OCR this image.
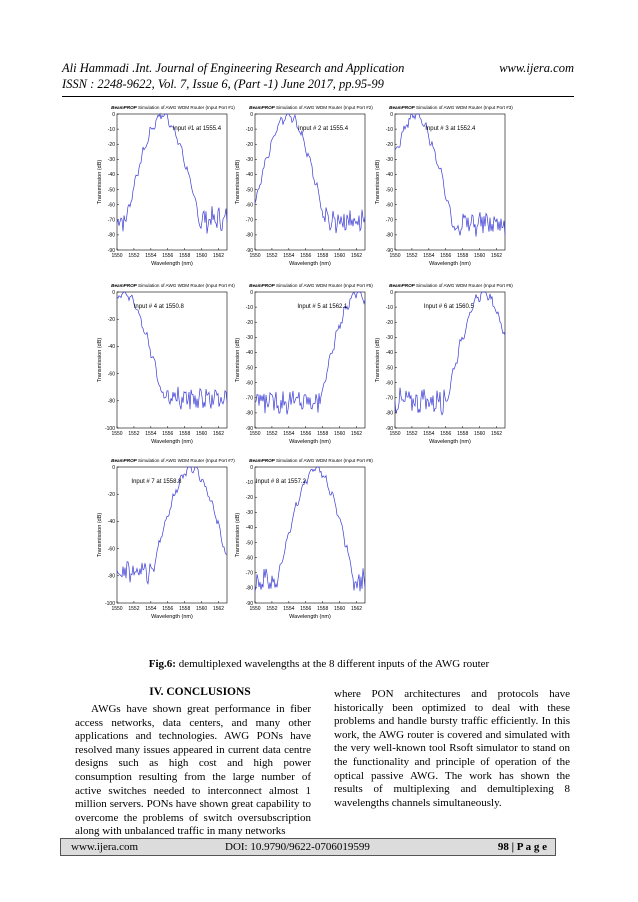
Ali Hammadi .Int. Journal of Engineering Research and Application
ISSN : 2248-9622, Vol. 7, Issue 6, (Part -1) June 2017, pp.95-99
www.ijera.com
BeamPROP Simulation of AWG WDM Router (Input Port #1)
0
-10
-20
-30
-40
-50
-60
-70
-80
-90
1550 1552 1554 1556 1558 1560 1562
Wavelength (nm)
Transmission (dB)
Input #1 at 1555.4
BeamPROP Simulation of AWG WDM Router (Input Port #2)
0
-10
-20
-30
-40
-50
-60
-70
-80
-90
1550 1552 1554 1556 1558 1560 1562
Wavelength (nm)
Transmission (dB)
Input # 2 at 1555.4
BeamPROP Simulation of AWG WDM Router (Input Port #3)
0
-10
-20
-30
-40
-50
-60
-70
-80
-90
1550 1552 1554 1556 1558 1560 1562
Wavelength (nm)
Transmission (dB)
Input # 3 at 1552.4
BeamPROP Simulation of AWG WDM Router (Input Port #4)
0
-20
-40
-60
-80
-100
1550 1552 1554 1556 1558 1560 1562
Wavelength (nm)
Transmission (dB)
Input # 4 at 1550.8
BeamPROP Simulation of AWG WDM Router (Input Port #5)
0
-10
-20
-30
-40
-50
-60
-70
-80
-90
1550 1552 1554 1556 1558 1560 1562
Wavelength (nm)
Transmission (dB)
Input # 5 at 1562.1
BeamPROP Simulation of AWG WDM Router (Input Port #6)
0
-10
-20
-30
-40
-50
-60
-70
-80
-90
1550 1552 1554 1556 1558 1560 1562
Wavelength (nm)
Transmission (dB)
Input # 6 at 1560.5
BeamPROP Simulation of AWG WDM Router (Input Port #7)
0
-20
-40
-60
-80
-100
1550 1552 1554 1556 1558 1560 1562
Wavelength (nm)
Transmission (dB)
Input # 7 at 1558.8
BeamPROP Simulation of AWG WDM Router (Input Port #8)
0
-10
-20
-30
-40
-50
-60
-70
-80
-90
1550 1552 1554 1556 1558 1560 1562
Wavelength (nm)
Transmission (dB)
Input # 8 at 1557.2
Fig.6: demultiplexed wavelengths at the 8 different inputs of the AWG router
IV. CONCLUSIONS

AWGs have shown great performance in fiber access networks, data centers, and many other applications and technologies. AWG PONs have resolved many issues appeared in current data centre designs such as high cost and high power consumption resulting from the large number of active switches needed to interconnect almost 1 million servers. PONs have shown great capability to overcome the problems of switch oversubscription along with unbalanced traffic in many networks

where PON architectures and protocols have historically been optimized to deal with these problems and handle bursty traffic efficiently. In this work, the AWG router is covered and simulated with the very well-known tool Rsoft simulator to stand on the functionality and principle of operation of the optical passive AWG. The work has shown the results of multiplexing and demultiplexing 8 wavelengths channels simultaneously.

www.ijera.com	DOI: 10.9790/9622-0706019599	98 | P a g e
